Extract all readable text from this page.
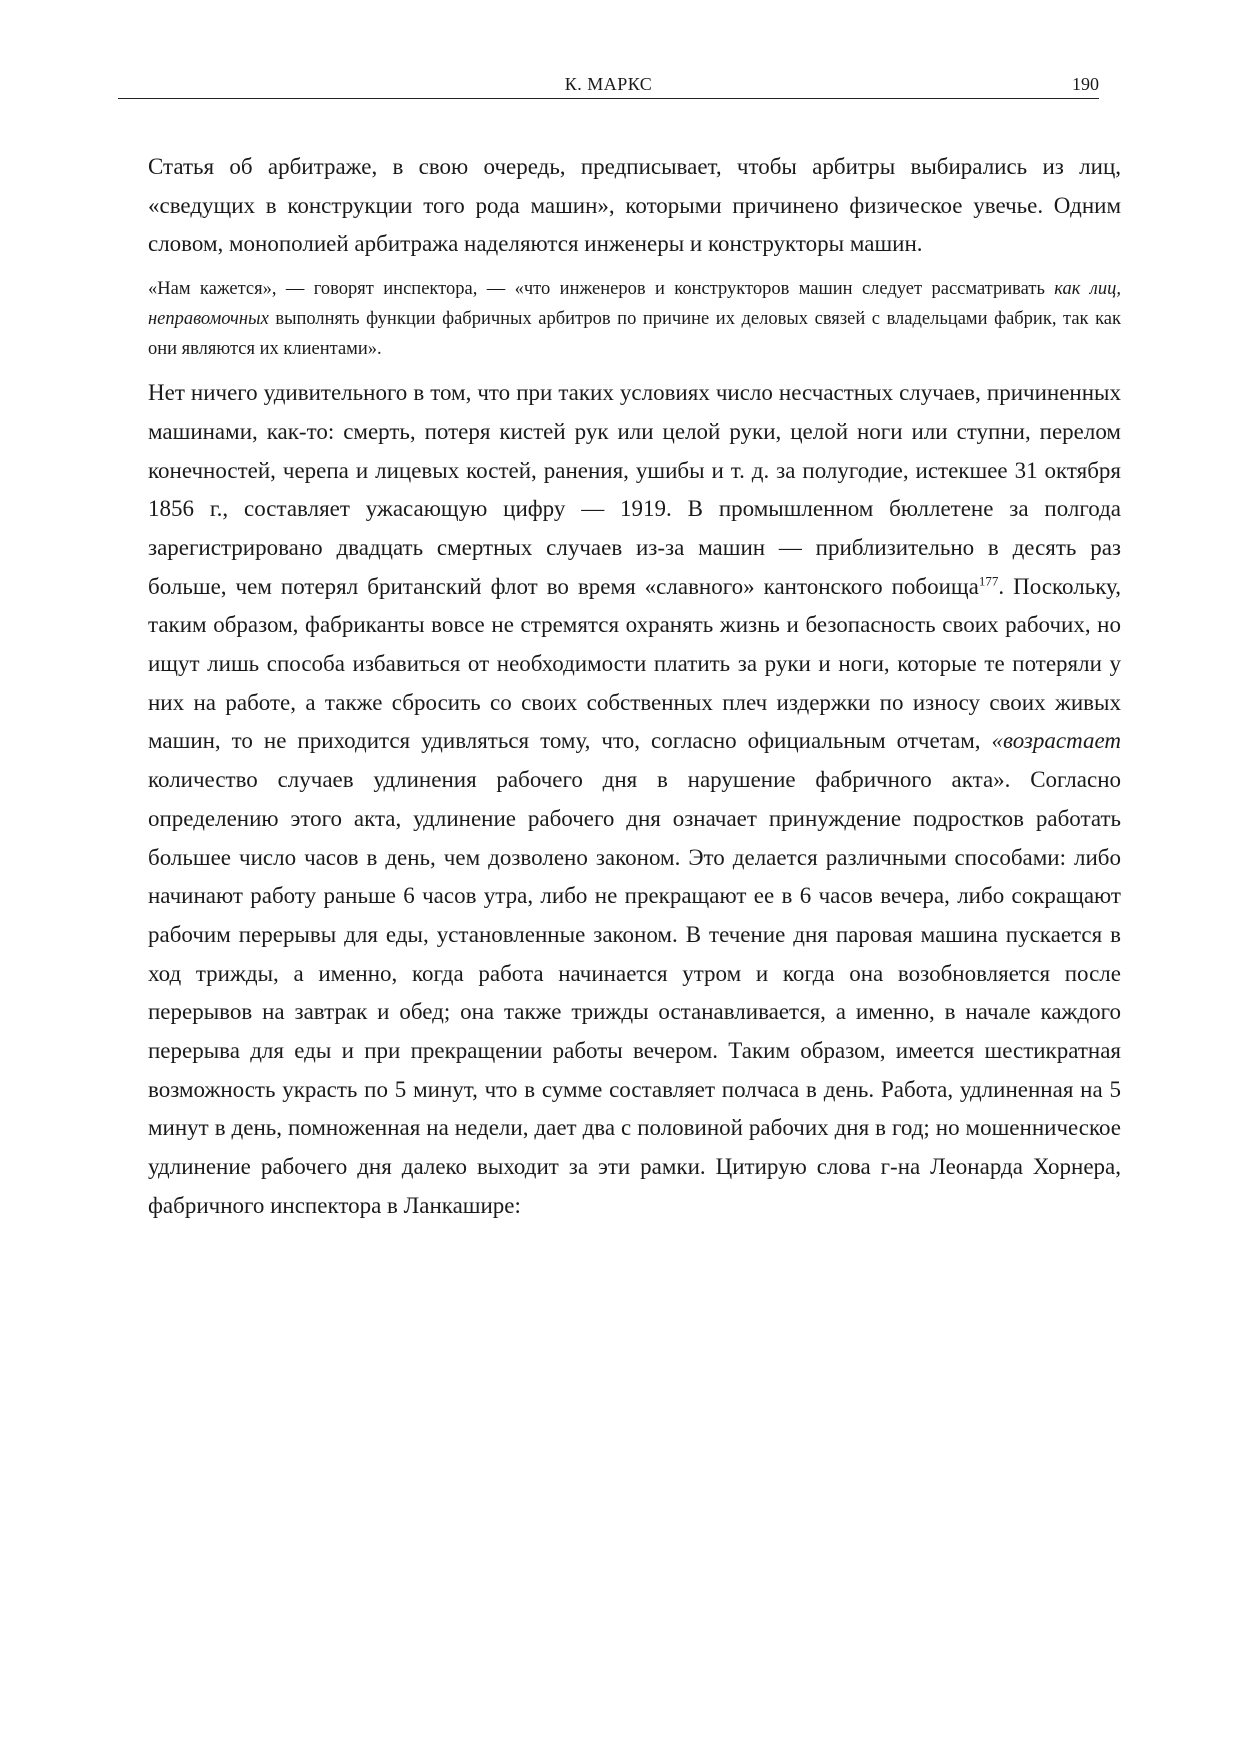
К. МАРКС	190

Статья об арбитраже, в свою очередь, предписывает, чтобы арбитры выбирались из лиц, «сведущих в конструкции того рода машин», которыми причинено физическое увечье. Одним словом, монополией арбитража наделяются инженеры и конструкторы машин.

«Нам кажется», — говорят инспектора, — «что инженеров и конструкторов машин следует рассматривать как лиц, неправомочных выполнять функции фабричных арбитров по причине их деловых связей с владельцами фабрик, так как они являются их клиентами».

Нет ничего удивительного в том, что при таких условиях число несчастных случаев, причиненных машинами, как-то: смерть, потеря кистей рук или целой руки, целой ноги или ступни, перелом конечностей, черепа и лицевых костей, ранения, ушибы и т. д. за полугодие, истекшее 31 октября 1856 г., составляет ужасающую цифру — 1919. В промышленном бюллетене за полгода зарегистрировано двадцать смертных случаев из-за машин — приблизительно в десять раз больше, чем потерял британский флот во время «славного» кантонского побоища$^{177}$. Поскольку, таким образом, фабриканты вовсе не стремятся охранять жизнь и безопасность своих рабочих, но ищут лишь способа избавиться от необходимости платить за руки и ноги, которые те потеряли у них на работе, а также сбросить со своих собственных плеч издержки по износу своих живых машин, то не приходится удивляться тому, что, согласно официальным отчетам, «возрастает количество случаев удлинения рабочего дня в нарушение фабричного акта». Согласно определению этого акта, удлинение рабочего дня означает принуждение подростков работать большее число часов в день, чем дозволено законом. Это делается различными способами: либо начинают работу раньше 6 часов утра, либо не прекращают ее в 6 часов вечера, либо сокращают рабочим перерывы для еды, установленные законом. В течение дня паровая машина пускается в ход трижды, а именно, когда работа начинается утром и когда она возобновляется после перерывов на завтрак и обед; она также трижды останавливается, а именно, в начале каждого перерыва для еды и при прекращении работы вечером. Таким образом, имеется шестикратная возможность украсть по 5 минут, что в сумме составляет полчаса в день. Работа, удлиненная на 5 минут в день, помноженная на недели, дает два с половиной рабочих дня в год; но мошенническое удлинение рабочего дня далеко выходит за эти рамки. Цитирую слова г-на Леонарда Хорнера, фабричного инспектора в Ланкашире:
